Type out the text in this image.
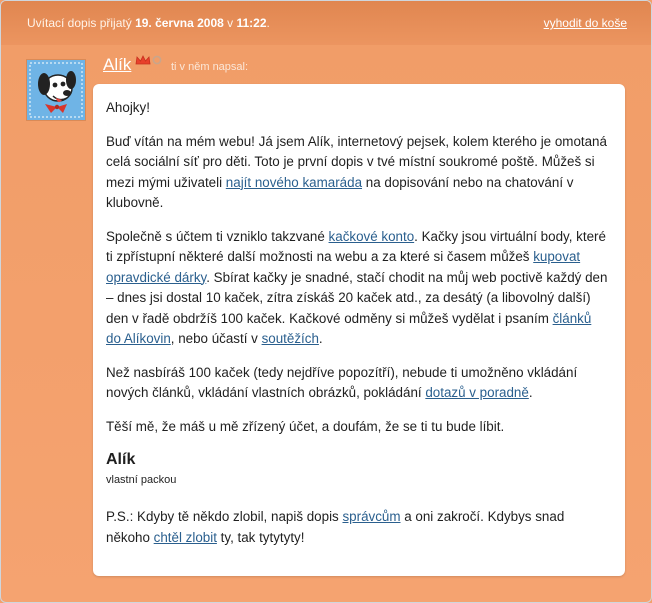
Uvítací dopis přijatý 19. června 2008 v 11:22.	vyhodit do koše
Alík	ti v něm napsal:

Ahojky!

Buď vítán na mém webu! Já jsem Alík, internetový pejsek, kolem kterého je omotaná celá sociální síť pro děti. Toto je první dopis v tvé místní soukromé poště. Můžeš si mezi mými uživateli najít nového kamaráda na dopisování nebo na chatování v klubovně.

Společně s účtem ti vzniklo takzvané kačkové konto. Kačky jsou virtuální body, které ti zpřístupní některé další možnosti na webu a za které si časem můžeš kupovat opravdické dárky. Sbírat kačky je snadné, stačí chodit na můj web poctivě každý den – dnes jsi dostal 10 kaček, zítra získáš 20 kaček atd., za desátý (a libovolný další) den v řadě obdržíš 100 kaček. Kačkové odměny si můžeš vydělat i psaním článků do Alíkovin, nebo účastí v soutěžích.

Než nasbíráš 100 kaček (tedy nejdříve popozítří), nebude ti umožněno vkládání nových článků, vkládání vlastních obrázků, pokládání dotazů v poradně.

Těší mě, že máš u mě zřízený účet, a doufám, že se ti tu bude líbit.

Alík
vlastní packou

P.S.: Kdyby tě někdo zlobil, napiš dopis správcům a oni zakročí. Kdybys snad někoho chtěl zlobit ty, tak tytytyty!
